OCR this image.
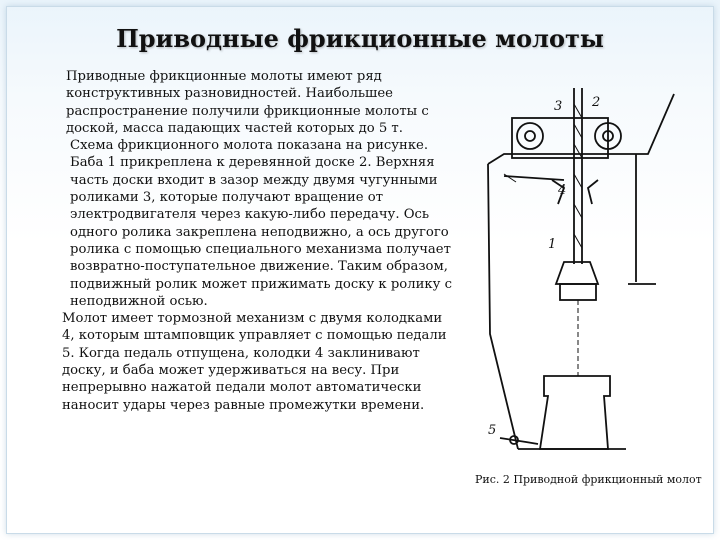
Приводные фрикционные молоты

Приводные фрикционные молоты имеют ряд конструктивных разновидностей. Наибольшее распространение получили фрикционные молоты с доской, масса падающих частей которых до 5 т.

Схема фрикционного молота показана на рисунке. Баба 1 прикреплена к деревянной доске 2. Верхняя часть доски входит в зазор между двумя чугунными роликами 3, которые получают вращение от электродвигателя через какую-либо передачу. Ось одного ролика закреплена неподвижно, а ось другого ролика с помощью специального механизма получает возвратно-поступательное движение. Таким образом, подвижный ролик может прижимать доску к ролику с неподвижной осью.

Молот имеет тормозной механизм с двумя колодками 4, которым штамповщик управляет с помощью педали 5. Когда педаль отпущена, колодки 4 заклинивают доску, и баба может удерживаться на весу. При непрерывно нажатой педали молот автоматически наносит удары через равные промежутки времени.

3 2
4
1
5
Рис. 2 Приводной фрикционный молот
